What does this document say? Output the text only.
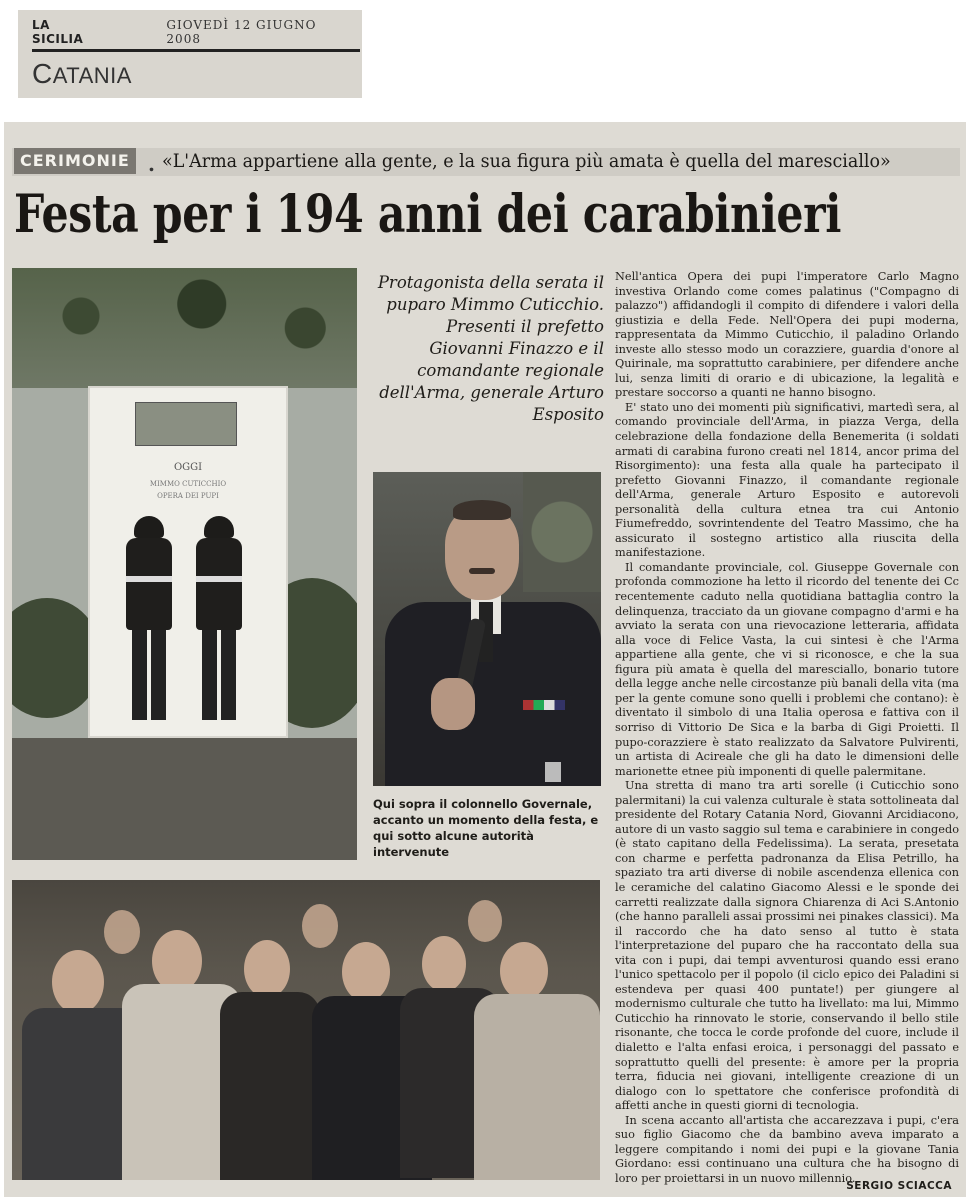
LA SICILIA
GIOVEDÌ 12 GIUGNO 2008
CATANIA
CERIMONIE . «L'Arma appartiene alla gente, e la sua figura più amata è quella del maresciallo»
Festa per i 194 anni dei carabinieri
OGGI
MIMMO CUTICCHIO
OPERA DEI PUPI
Protagonista della serata il
puparo Mimmo Cuticchio.
Presenti il prefetto
Giovanni Finazzo e il
comandante regionale
dell'Arma, generale Arturo
Esposito
Qui sopra il colonnello Governale, accanto un momento della festa, e qui sotto alcune autorità intervenute

Nell'antica Opera dei pupi l'imperatore Carlo Magno investiva Orlando come comes palatinus ("Compagno di palazzo") affidandogli il compito di difendere i valori della giustizia e della Fede. Nell'Opera dei pupi moderna, rappresentata da Mimmo Cuticchio, il paladino Orlando investe allo stesso modo un corazziere, guardia d'onore al Quirinale, ma soprattutto carabiniere, per difendere anche lui, senza limiti di orario e di ubicazione, la legalità e prestare soccorso a quanti ne hanno bisogno.

E' stato uno dei momenti più significativi, martedì sera, al comando provinciale dell'Arma, in piazza Verga, della celebrazione della fondazione della Benemerita (i soldati armati di carabina furono creati nel 1814, ancor prima del Risorgimento): una festa alla quale ha partecipato il prefetto Giovanni Finazzo, il comandante regionale dell'Arma, generale Arturo Esposito e autorevoli personalità della cultura etnea tra cui Antonio Fiumefreddo, sovrintendente del Teatro Massimo, che ha assicurato il sostegno artistico alla riuscita della manifestazione.

Il comandante provinciale, col. Giuseppe Governale con profonda commozione ha letto il ricordo del tenente dei Cc recentemente caduto nella quotidiana battaglia contro la delinquenza, tracciato da un giovane compagno d'armi e ha avviato la serata con una rievocazione letteraria, affidata alla voce di Felice Vasta, la cui sintesi è che l'Arma appartiene alla gente, che vi si riconosce, e che la sua figura più amata è quella del maresciallo, bonario tutore della legge anche nelle circostanze più banali della vita (ma per la gente comune sono quelli i problemi che contano): è diventato il simbolo di una Italia operosa e fattiva con il sorriso di Vittorio De Sica e la barba di Gigi Proietti. Il pupo-corazziere è stato realizzato da Salvatore Pulvirenti, un artista di Acireale che gli ha dato le dimensioni delle marionette etnee più imponenti di quelle palermitane.

Una stretta di mano tra arti sorelle (i Cuticchio sono palermitani) la cui valenza culturale è stata sottolineata dal presidente del Rotary Catania Nord, Giovanni Arcidiacono, autore di un vasto saggio sul tema e carabiniere in congedo (è stato capitano della Fedelissima). La serata, presetata con charme e perfetta padronanza da Elisa Petrillo, ha spaziato tra arti diverse di nobile ascendenza ellenica con le ceramiche del calatino Giacomo Alessi e le sponde dei carretti realizzate dalla signora Chiarenza di Aci S.Antonio (che hanno paralleli assai prossimi nei pinakes classici). Ma il raccordo che ha dato senso al tutto è stata l'interpretazione del puparo che ha raccontato della sua vita con i pupi, dai tempi avventurosi quando essi erano l'unico spettacolo per il popolo (il ciclo epico dei Paladini si estendeva per quasi 400 puntate!) per giungere al modernismo culturale che tutto ha livellato: ma lui, Mimmo Cuticchio ha rinnovato le storie, conservando il bello stile risonante, che tocca le corde profonde del cuore, include il dialetto e l'alta enfasi eroica, i personaggi del passato e soprattutto quelli del presente: è amore per la propria terra, fiducia nei giovani, intelligente creazione di un dialogo con lo spettatore che conferisce profondità di affetti anche in questi giorni di tecnologia.

In scena accanto all'artista che accarezzava i pupi, c'era suo figlio Giacomo che da bambino aveva imparato a leggere compitando i nomi dei pupi e la giovane Tania Giordano: essi continuano una cultura che ha bisogno di loro per proiettarsi in un nuovo millennio.

SERGIO SCIACCA
